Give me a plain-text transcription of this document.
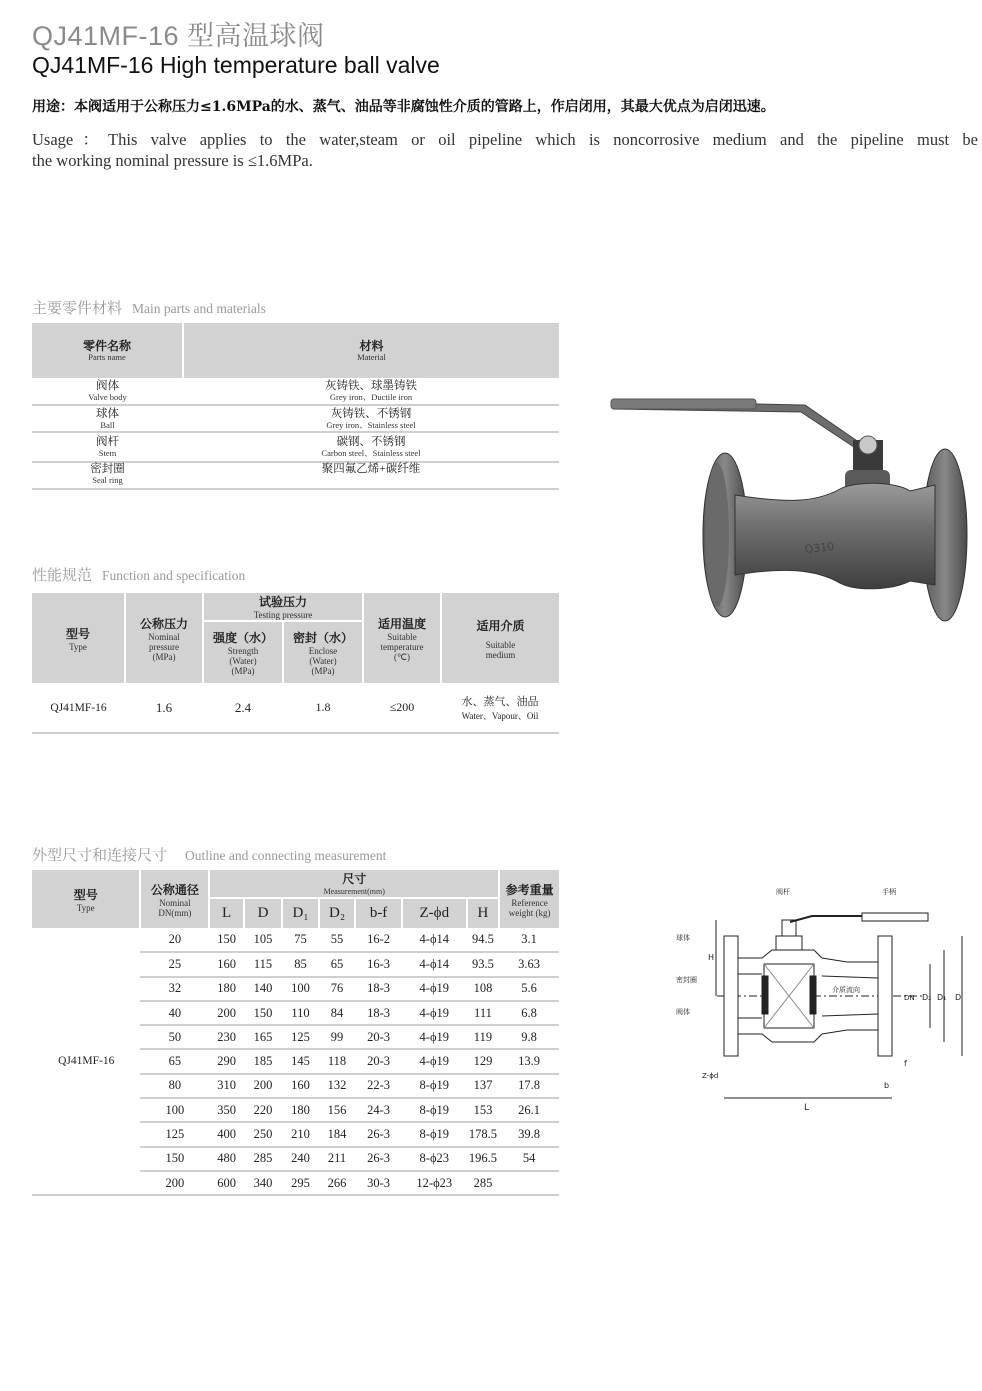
QJ41MF-16 型高温球阀
QJ41MF-16 High temperature ball valve
用途：本阀适用于公称压力≤1.6MPa的水、蒸气、油品等非腐蚀性介质的管路上，作启闭用，其最大优点为启闭迅速。
Usage：This valve applies to the water,steam or oil pipeline which is noncorrosive medium and the pipeline must be
the working nominal pressure is ≤1.6MPa.
主要零件材料 Main parts and materials
零件名称
Parts name	材料
Material

阀体
Valve body	灰铸铁、球墨铸铁
Grey iron、Ductile iron

球体
Ball	灰铸铁、不锈钢
Grey iron、Stainless steel

阀杆
Stem	碳钢、不锈钢
Carbon steel、Stainless steel

密封圈
Seal ring	聚四氟乙烯+碳纤维
Q310
性能规范 Function and specification
型号
Type	公称压力
Nominal
pressure
(MPa)	试验压力
Testing pressure		适用温度
Suitable
temperature
(℃)	适用介质
Suitable
medium

		强度（水）
Strength
(Water)
(MPa)	密封（水）
Enclose
(Water)
(MPa)		

QJ41MF-16	1.6	2.4	1.8	≤200	水、蒸气、油品
Water、Vapour、Oil
外型尺寸和连接尺寸 Outline and connecting measurement
型号
Type	公称通径
Nominal
DN(mm)	尺寸
Measurement(mm)							参考重量
Reference
weight (kg)

		L	D	D₁	D₂	b-f	Z-ϕd	H	
QJ41MF-16	20	150	105	75	55	16-2	4-ϕ14	94.5	3.1
	25	160	115	85	65	16-3	4-ϕ14	93.5	3.63
	32	180	140	100	76	18-3	4-ϕ19	108	5.6
	40	200	150	110	84	18-3	4-ϕ19	111	6.8
	50	230	165	125	99	20-3	4-ϕ19	119	9.8
	65	290	185	145	118	20-3	4-ϕ19	129	13.9
	80	310	200	160	132	22-3	8-ϕ19	137	17.8
	100	350	220	180	156	24-3	8-ϕ19	153	26.1
	125	400	250	210	184	26-3	8-ϕ19	178.5	39.8
	150	480	285	240	211	26-3	8-ϕ23	196.5	54
	200	600	340	295	266	30-3	12-ϕ23	285	
阀杆	手柄
球体
密封圈
阀体
介质流向
L
D
D₁
DN D₂
H
f
b
Z-ϕd
